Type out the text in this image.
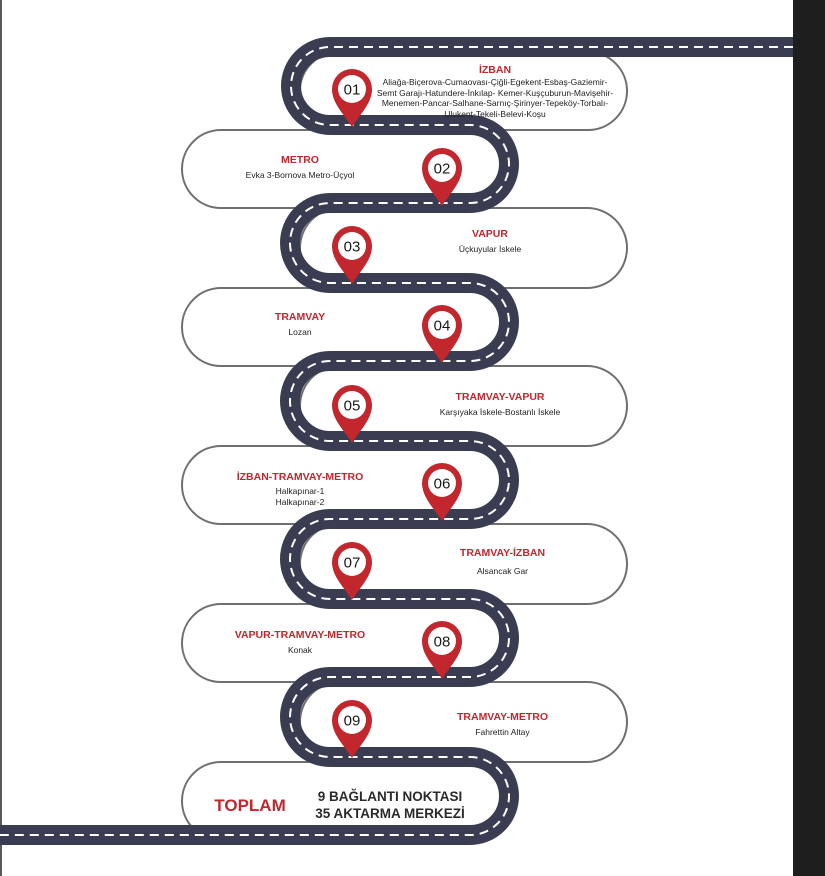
01
02
03
04
05
06
07
08
09
İZBAN
Aliağa-Biçerova-Cumaovası-Çiğli-Egekent-Esbaş-Gaziemir-
Semt Garajı-Hatundere-İnkılap- Kemer-Kuşçuburun-Mavişehir-
Menemen-Pancar-Salhane-Sarnıç-Şirinyer-Tepeköy-Torbalı-
Ulukent-Tekeli-Belevi-Koşu
METRO
Evka 3-Bornova Metro-Üçyol
VAPUR
Üçkuyular İskele
TRAMVAY
Lozan
TRAMVAY-VAPUR
Karşıyaka İskele-Bostanlı İskele
İZBAN-TRAMVAY-METRO
Halkapınar-1
Halkapınar-2
TRAMVAY-İZBAN
Alsancak Gar
VAPUR-TRAMVAY-METRO
Konak
TRAMVAY-METRO
Fahrettin Altay
TOPLAM	9 BAĞLANTI NOKTASI
35 AKTARMA MERKEZİ
